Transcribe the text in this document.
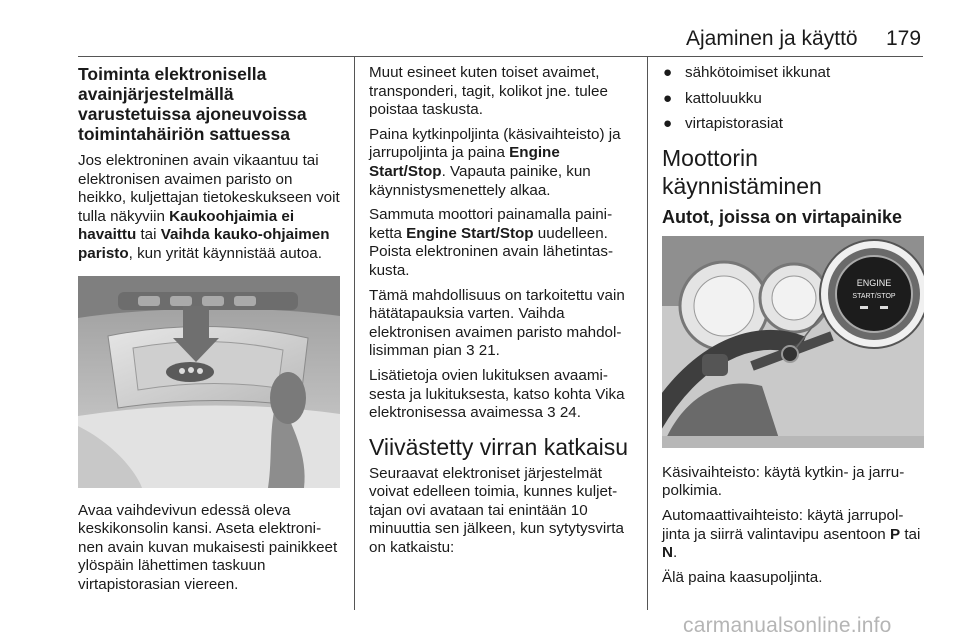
Ajaminen ja käyttö 179
Toiminta elektronisella avainjärjestelmällä varustetuissa ajoneuvoissa toimintahäiriön sattuessa

Jos elektroninen avain vikaantuu tai elektronisen avaimen paristo on heikko, kuljettajan tietokeskukseen voit tulla näkyviin Kaukoohjaimia ei havaittu tai Vaihda kauko-ohjaimen paristo, kun yrität käynnistää autoa.

Avaa vaihdevivun edessä oleva keskikonsolin kansi. Aseta elektroninen avain kuvan mukaisesti painikkeet ylöspäin lähettimen taskuun virtapistorasian viereen.

Muut esineet kuten toiset avaimet, transponderi, tagit, kolikot jne. tulee poistaa taskusta.

Paina kytkinpoljinta (käsivaihteisto) ja jarrupoljinta ja paina Engine Start/Stop. Vapauta painike, kun käynnistysmenettely alkaa.

Sammuta moottori painamalla painiketta Engine Start/Stop uudelleen. Poista elektroninen avain lähetintaskusta.

Tämä mahdollisuus on tarkoitettu vain hätätapauksia varten. Vaihda elektronisen avaimen paristo mahdollisimman pian 3 21.

Lisätietoja ovien lukituksen avaamisesta ja lukituksesta, katso kohta Vika elektronisessa avaimessa 3 24.

Viivästetty virran katkaisu

Seuraavat elektroniset järjestelmät voivat edelleen toimia, kunnes kuljettajan ovi avataan tai enintään 10 minuuttia sen jälkeen, kun sytytysvirta on katkaistu:

● sähkötoimiset ikkunat
● kattoluukku
● virtapistorasiat
Moottorin käynnistäminen
Autot, joissa on virtapainike
ENGINE
START/STOP

Käsivaihteisto: käytä kytkin- ja jarrupolkimia.

Automaattivaihteisto: käytä jarrupoljinta ja siirrä valintavipu asentoon P tai N.

Älä paina kaasupoljinta.

carmanualsonline.info
